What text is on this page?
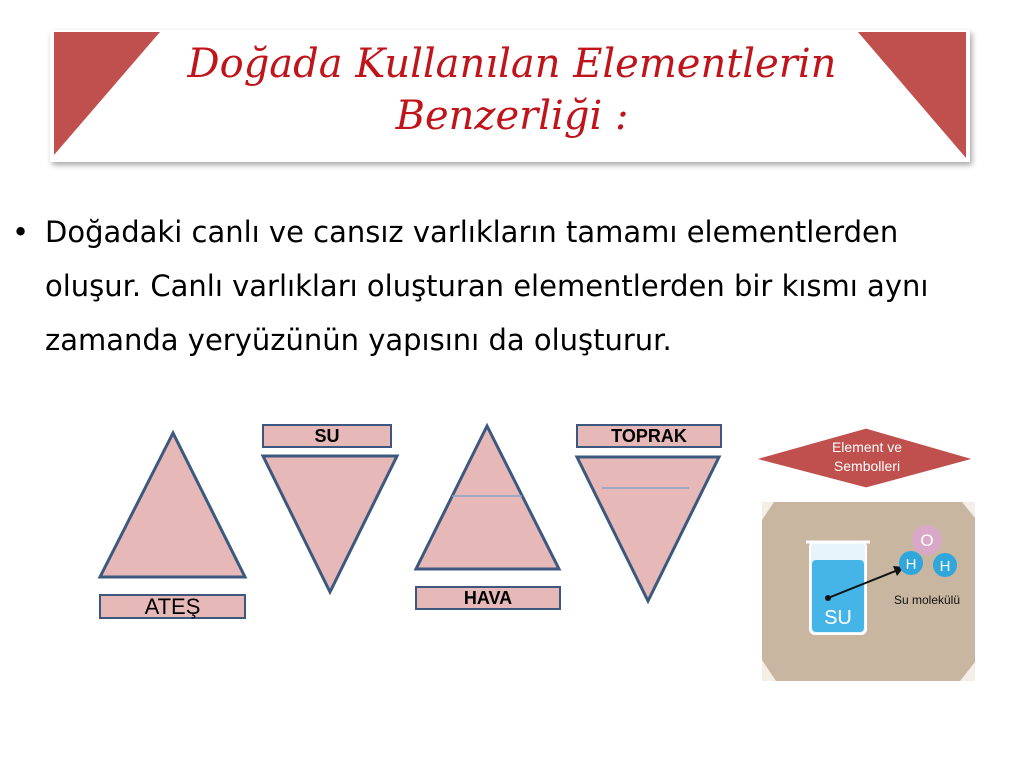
Doğada Kullanılan Elementlerin
Benzerliği :
• Doğadaki canlı ve cansız varlıkların tamamı elementlerden oluşur. Canlı varlıkları oluşturan elementlerden bir kısmı aynı zamanda yeryüzünün yapısını da oluşturur.
ATEŞ
SU
HAVA
TOPRAK
Element ve
Sembolleri
SU
O
H H
Su molekülü
